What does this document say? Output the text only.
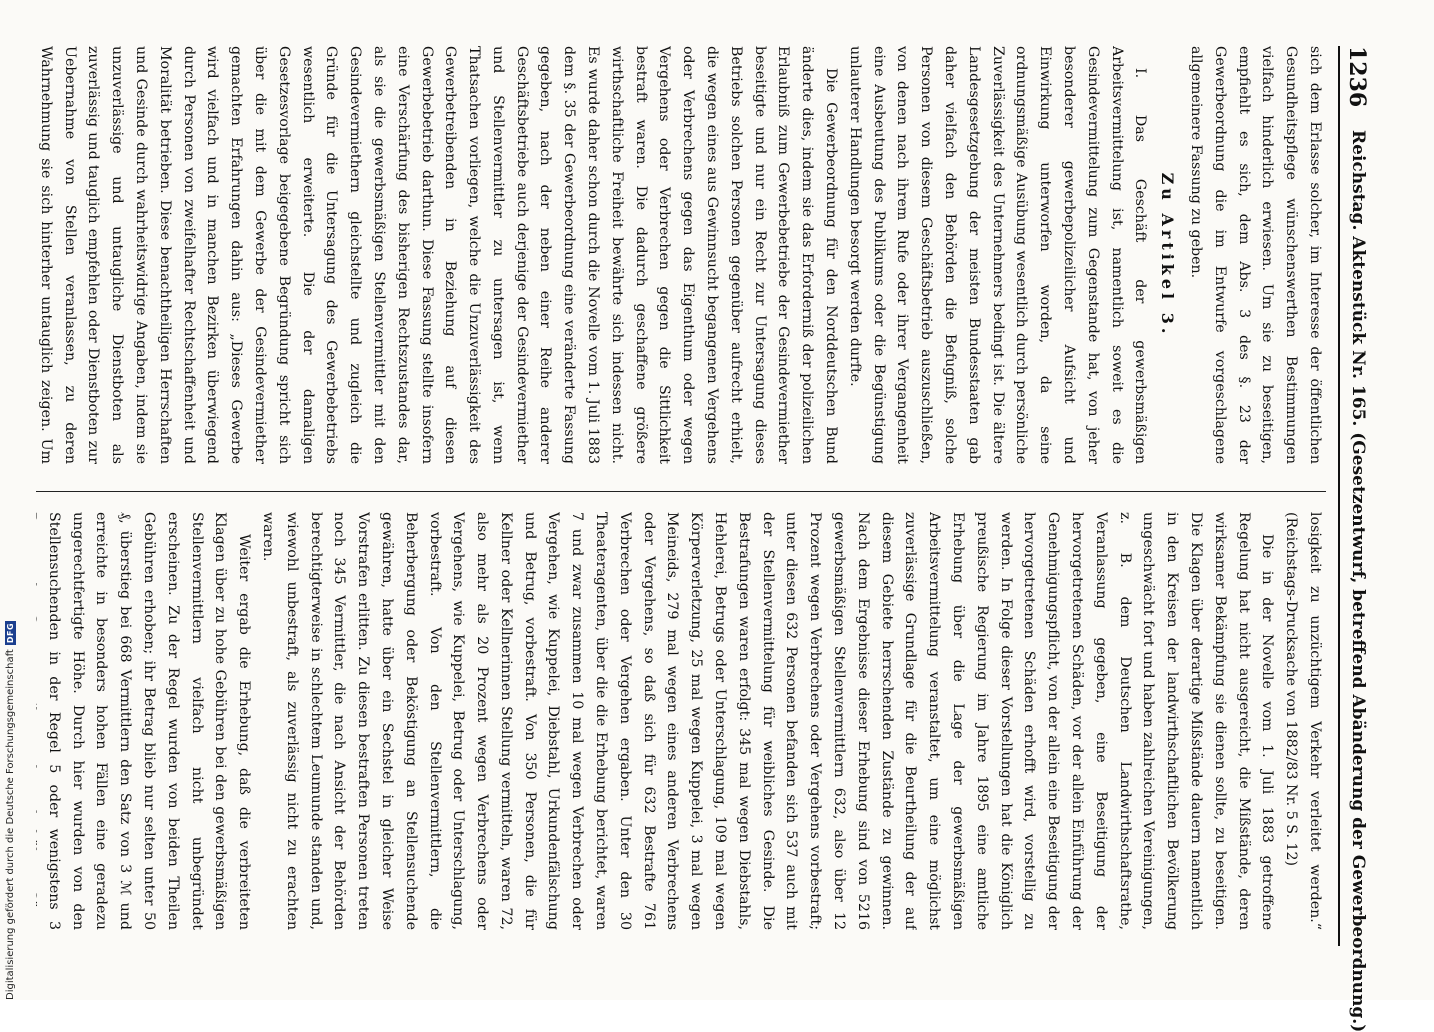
1236
Reichstag. Aktenstück Nr. 165. (Gesetzentwurf, betreffend Abänderung der Gewerbeordnung.)

sich dem Erlasse solcher, im Interesse der öffentlichen Gesundheitspflege wünschenswerthen Bestimmungen vielfach hinderlich erwiesen. Um sie zu beseitigen, empfiehlt es sich, dem Abs. 3 des §. 23 der Gewerbeordnung die im Entwurfe vorgeschlagene allgemeinere Fassung zu geben.

Zu Artikel 3.

I. Das Geschäft der gewerbsmäßigen Arbeitsvermittelung ist, namentlich soweit es die Gesindevermittelung zum Gegenstande hat, von jeher besonderer gewerbepolizeilicher Aufsicht und Einwirkung unterworfen worden, da seine ordnungsmäßige Ausübung wesentlich durch persönliche Zuverlässigkeit des Unternehmers bedingt ist. Die ältere Landesgesetzgebung der meisten Bundesstaaten gab daher vielfach den Behörden die Befugniß, solche Personen von diesem Geschäftsbetrieb auszuschließen, von denen nach ihrem Rufe oder ihrer Vergangenheit eine Ausbeutung des Publikums oder die Begünstigung unlauterer Handlungen besorgt werden durfte.

Die Gewerbeordnung für den Norddeutschen Bund änderte dies, indem sie das Erforderniß der polizeilichen Erlaubniß zum Gewerbebetriebe der Gesindevermiether beseitigte und nur ein Recht zur Untersagung dieses Betriebs solchen Personen gegenüber aufrecht erhielt, die wegen eines aus Gewinnsucht begangenen Vergehens oder Verbrechens gegen das Eigenthum oder wegen Vergehens oder Verbrechen gegen die Sittlichkeit bestraft waren. Die dadurch geschaffene größere wirthschaftliche Freiheit bewährte sich indessen nicht. Es wurde daher schon durch die Novelle vom 1. Juli 1883 dem §. 35 der Gewerbeordnung eine veränderte Fassung gegeben, nach der neben einer Reihe anderer Geschäftsbetriebe auch derjenige der Gesindevermiether und Stellenvermittler zu untersagen ist, wenn Thatsachen vorliegen, welche die Unzuverlässigkeit des Gewerbetreibenden in Beziehung auf diesen Gewerbebetrieb darthun. Diese Fassung stellte insofern eine Verschärfung des bisherigen Rechtszustandes dar, als sie die gewerbsmäßigen Stellenvermittler mit den Gesindevermiethern gleichstellte und zugleich die Gründe für die Untersagung des Gewerbebetriebs wesentlich erweiterte. Die der damaligen Gesetzesvorlage beigegebene Begründung spricht sich über die mit dem Gewerbe der Gesindevermiether gemachten Erfahrungen dahin aus: „Dieses Gewerbe wird vielfach und in manchen Bezirken überwiegend durch Personen von zweifelhafter Rechtschaffenheit und Moralität betrieben. Diese benachtheiligen Herrschaften und Gesinde durch wahrheitswidrige Angaben, indem sie unzuverlässige und untaugliche Dienstboten als zuverlässig und tauglich empfehlen oder Dienstboten zur Uebernahme von Stellen veranlassen, zu deren Wahrnehmung sie sich hinterher untauglich zeigen. Um

losigkeit zu unzüchtigem Verkehr verleitet werden.“ (Reichstags-Drucksache von 1882/83 Nr. 5 S. 12)

Die in der Novelle vom 1. Juli 1883 getroffene Regelung hat nicht ausgereicht, die Mißstände, deren wirksamer Bekämpfung sie dienen sollte, zu beseitigen. Die Klagen über derartige Mißstände dauern namentlich in den Kreisen der landwirthschaftlichen Bevölkerung ungeschwächt fort und haben zahlreichen Vereinigungen, z. B. dem Deutschen Landwirthschaftsrathe, Veranlassung gegeben, eine Beseitigung der hervorgetretenen Schäden, vor der allein Einführung der Genehmigungspflicht, von der allein eine Beseitigung der hervorgetretenen Schäden erhofft wird, vorstellig zu werden. In Folge dieser Vorstellungen hat die Königlich preußische Regierung im Jahre 1895 eine amtliche Erhebung über die Lage der gewerbsmäßigen Arbeitsvermittelung veranstaltet, um eine möglichst zuverlässige Grundlage für die Beurtheilung der auf diesem Gebiete herrschenden Zustände zu gewinnen. Nach dem Ergebnisse dieser Erhebung sind von 5216 gewerbsmäßigen Stellenvermittlern 632, also über 12 Prozent wegen Verbrechens oder Vergehens vorbestraft; unter diesen 632 Personen befanden sich 537 auch mit der Stellenvermittelung für weibliches Gesinde. Die Bestrafungen waren erfolgt: 345 mal wegen Diebstahls, Hehlerei, Betrugs oder Unterschlagung, 109 mal wegen Körperverletzung, 25 mal wegen Kuppelei, 3 mal wegen Meineids, 279 mal wegen eines anderen Verbrechens oder Vergehens, so daß sich für 632 Bestrafte 761 Verbrechen oder Vergehen ergaben. Unter den 30 Theateragenten, über die die Erhebung berichtet, waren 7 und zwar zusammen 10 mal wegen Verbrechen oder Vergehen, wie Kuppelei, Diebstahl, Urkundenfälschung und Betrug, vorbestraft. Von 350 Personen, die für Kellner oder Kellnerinnen Stellung vermitteln, waren 72, also mehr als 20 Prozent wegen Verbrechens oder Vergehens, wie Kuppelei, Betrug oder Unterschlagung, vorbestraft. Von den Stellenvermittlern, die Beherbergung oder Beköstigung an Stellensuchende gewähren, hatte über ein Sechstel in gleicher Weise Vorstrafen erlitten. Zu diesen bestraften Personen treten noch 345 Vermittler, die nach Ansicht der Behörden berechtigterweise in schlechtem Leumunde standen und, wiewohl unbestraft, als zuverlässig nicht zu erachten waren.

Weiter ergab die Erhebung, daß die verbreiteten Klagen über zu hohe Gebühren bei den gewerbsmäßigen Stellenvermittlern vielfach nicht unbegründet erscheinen. Zu der Regel wurden von beiden Theilen Gebühren erhoben; ihr Betrag blieb nur selten unter 50 ₰, überstieg bei 668 Vermittlern den Satz von 3 ℳ und erreichte in besonders hohen Fällen eine geradezu ungerechtfertigte Höhe. Durch hier wurden von den Stellensuchenden in der Regel 5 oder wenigstens 3

Digitalisierung gefördert durch die Deutsche Forschungsgemeinschaft
DFG
